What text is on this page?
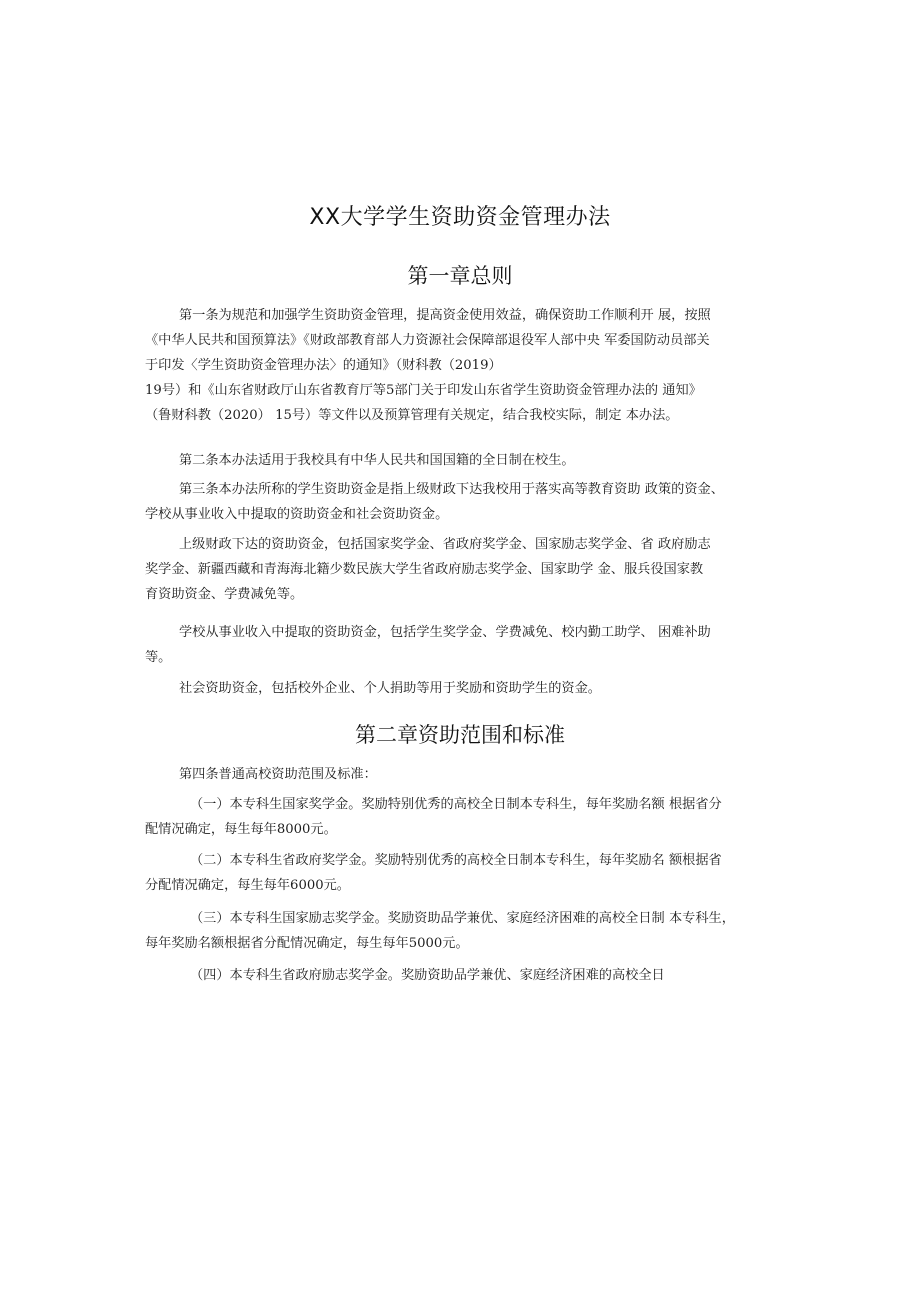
XX大学学生资助资金管理办法
第一章总则
第一条为规范和加强学生资助资金管理，提高资金使用效益，确保资助工作顺利开 展，按照
《中华人民共和国预算法》《财政部教育部人力资源社会保障部退役军人部中央 军委国防动员部关
于印发〈学生资助资金管理办法〉的通知》（财科教（2019）
19号）和《山东省财政厅山东省教育厅等5部门关于印发山东省学生资助资金管理办法的 通知》
（鲁财科教（2020） 15号）等文件以及预算管理有关规定，结合我校实际，制定 本办法。
第二条本办法适用于我校具有中华人民共和国国籍的全日制在校生。
第三条本办法所称的学生资助资金是指上级财政下达我校用于落实高等教育资助 政策的资金、
学校从事业收入中提取的资助资金和社会资助资金。
上级财政下达的资助资金，包括国家奖学金、省政府奖学金、国家励志奖学金、省 政府励志
奖学金、新疆西藏和青海海北籍少数民族大学生省政府励志奖学金、国家助学 金、服兵役国家教
育资助资金、学费减免等。
学校从事业收入中提取的资助资金，包括学生奖学金、学费减免、校内勤工助学、 困难补助
等。
社会资助资金，包括校外企业、个人捐助等用于奖励和资助学生的资金。
第二章资助范围和标准
第四条普通高校资助范围及标准：
（一）本专科生国家奖学金。奖励特别优秀的高校全日制本专科生，每年奖励名额 根据省分
配情况确定，每生每年8000元。
（二）本专科生省政府奖学金。奖励特别优秀的高校全日制本专科生，每年奖励名 额根据省
分配情况确定，每生每年6000元。
（三）本专科生国家励志奖学金。奖励资助品学兼优、家庭经济困难的高校全日制 本专科生，
每年奖励名额根据省分配情况确定，每生每年5000元。
（四）本专科生省政府励志奖学金。奖励资助品学兼优、家庭经济困难的高校全日
